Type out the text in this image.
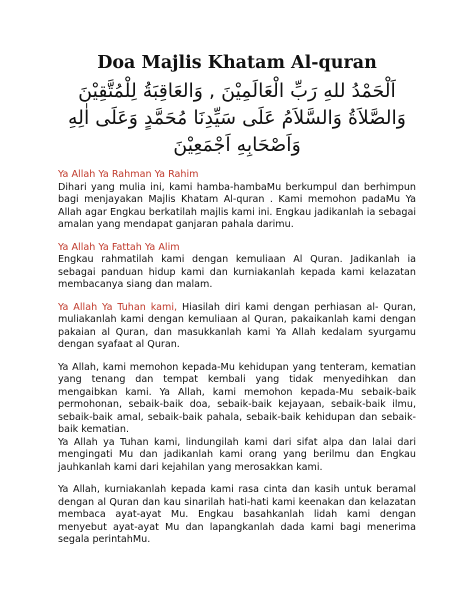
Doa Majlis Khatam Al-quran
اَلْحَمْدُ للهِ رَبِّ الْعَالَمِيْنَ , وَالعَاقِبَةُ لِلْمُتَّقِيْنَ
وَالصَّلاَةُ وَالسَّلاَمُ عَلَى سَيِّدِنَا مُحَمَّدٍ وَعَلَى اٰلِهِ
وَاَصْحَابِهِ اَجْمَعِيْنَ

Ya Allah Ya Rahman Ya Rahim

Dihari yang mulia ini, kami hamba-hambaMu berkumpul dan berhimpun bagi menjayakan Majlis Khatam Al-quran . Kami memohon padaMu Ya Allah agar Engkau berkatilah majlis kami ini. Engkau jadikanlah ia sebagai amalan yang mendapat ganjaran pahala darimu.

Ya Allah Ya Fattah Ya Alim

Engkau rahmatilah kami dengan kemuliaan Al Quran. Jadikanlah ia sebagai panduan hidup kami dan kurniakanlah kepada kami kelazatan membacanya siang dan malam.

Ya Allah Ya Tuhan kami, Hiasilah diri kami dengan perhiasan al- Quran, muliakanlah kami dengan kemuliaan al Quran, pakaikanlah kami dengan pakaian al Quran, dan masukkanlah kami Ya Allah kedalam syurgamu dengan syafaat al Quran.

Ya Allah, kami memohon kepada-Mu kehidupan yang tenteram, kematian yang tenang dan tempat kembali yang tidak menyedihkan dan mengaibkan kami. Ya Allah, kami memohon kepada-Mu sebaik-baik permohonan, sebaik-baik doa, sebaik-baik kejayaan, sebaik-baik ilmu, sebaik-baik amal, sebaik-baik pahala, sebaik-baik kehidupan dan sebaik-baik kematian.

Ya Allah ya Tuhan kami, lindungilah kami dari sifat alpa dan lalai dari mengingati Mu dan jadikanlah kami orang yang berilmu dan Engkau jauhkanlah kami dari kejahilan yang merosakkan kami.

Ya Allah, kurniakanlah kepada kami rasa cinta dan kasih untuk beramal dengan al Quran dan kau sinarilah hati-hati kami keenakan dan kelazatan membaca ayat-ayat Mu. Engkau basahkanlah lidah kami dengan menyebut ayat-ayat Mu dan lapangkanlah dada kami bagi menerima segala perintahMu.
